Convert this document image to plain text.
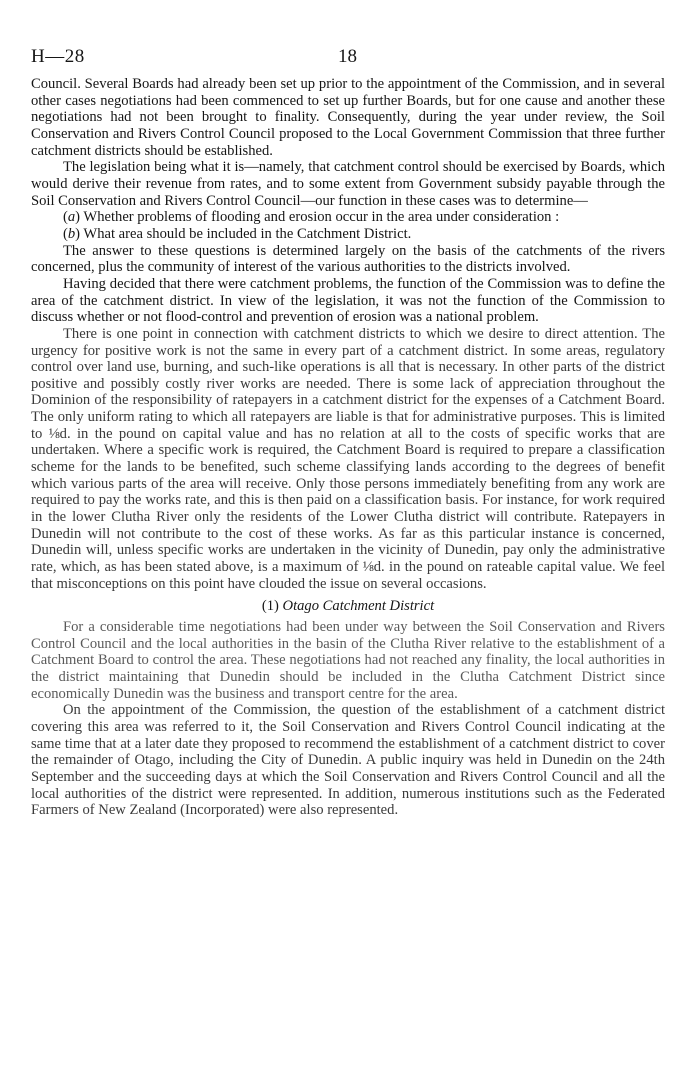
H—28	18

Council. Several Boards had already been set up prior to the appointment of the Commission, and in several other cases negotiations had been commenced to set up further Boards, but for one cause and another these negotiations had not been brought to finality. Consequently, during the year under review, the Soil Conservation and Rivers Control Council proposed to the Local Government Commission that three further catchment districts should be established.

The legislation being what it is—namely, that catchment control should be exercised by Boards, which would derive their revenue from rates, and to some extent from Government subsidy payable through the Soil Conservation and Rivers Control Council—our function in these cases was to determine—

(a) Whether problems of flooding and erosion occur in the area under consideration :

(b) What area should be included in the Catchment District.

The answer to these questions is determined largely on the basis of the catchments of the rivers concerned, plus the community of interest of the various authorities to the districts involved.

Having decided that there were catchment problems, the function of the Commission was to define the area of the catchment district. In view of the legislation, it was not the function of the Commission to discuss whether or not flood-control and prevention of erosion was a national problem.

There is one point in connection with catchment districts to which we desire to direct attention. The urgency for positive work is not the same in every part of a catchment district. In some areas, regulatory control over land use, burning, and such-like operations is all that is necessary. In other parts of the district positive and possibly costly river works are needed. There is some lack of appreciation throughout the Dominion of the responsibility of ratepayers in a catchment district for the expenses of a Catchment Board. The only uniform rating to which all ratepayers are liable is that for administrative purposes. This is limited to ⅛d. in the pound on capital value and has no relation at all to the costs of specific works that are undertaken. Where a specific work is required, the Catchment Board is required to prepare a classification scheme for the lands to be benefited, such scheme classifying lands according to the degrees of benefit which various parts of the area will receive. Only those persons immediately benefiting from any work are required to pay the works rate, and this is then paid on a classification basis. For instance, for work required in the lower Clutha River only the residents of the Lower Clutha district will contribute. Ratepayers in Dunedin will not contribute to the cost of these works. As far as this particular instance is concerned, Dunedin will, unless specific works are undertaken in the vicinity of Dunedin, pay only the administrative rate, which, as has been stated above, is a maximum of ⅛d. in the pound on rateable capital value. We feel that misconceptions on this point have clouded the issue on several occasions.

(1) Otago Catchment District

For a considerable time negotiations had been under way between the Soil Conservation and Rivers Control Council and the local authorities in the basin of the Clutha River relative to the establishment of a Catchment Board to control the area. These negotiations had not reached any finality, the local authorities in the district maintaining that Dunedin should be included in the Clutha Catchment District since economically Dunedin was the business and transport centre for the area.

On the appointment of the Commission, the question of the establishment of a catchment district covering this area was referred to it, the Soil Conservation and Rivers Control Council indicating at the same time that at a later date they proposed to recommend the establishment of a catchment district to cover the remainder of Otago, including the City of Dunedin. A public inquiry was held in Dunedin on the 24th September and the succeeding days at which the Soil Conservation and Rivers Control Council and all the local authorities of the district were represented. In addition, numerous institutions such as the Federated Farmers of New Zealand (Incorporated) were also represented.
